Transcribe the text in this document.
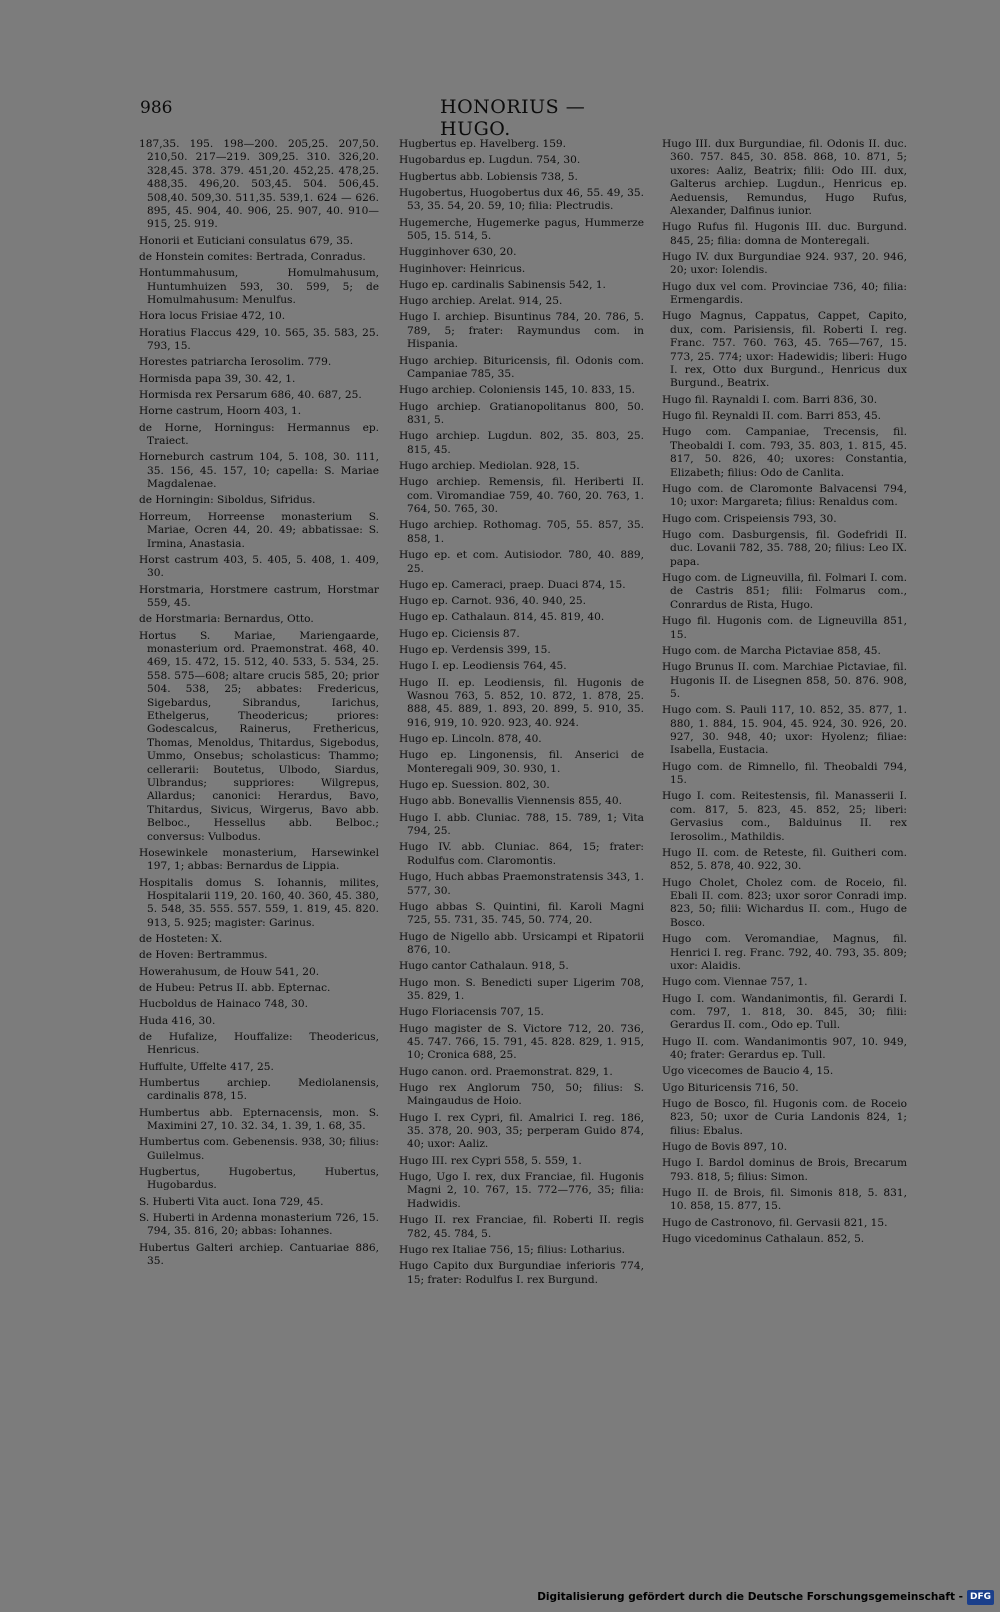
986	HONORIUS — HUGO.
187,35. 195. 198—200. 205,25. 207,50. 210,50. 217—219. 309,25. 310. 326,20. 328,45. 378. 379. 451,20. 452,25. 478,25. 488,35. 496,20. 503,45. 504. 506,45. 508,40. 509,30. 511,35. 539,1. 624 — 626. 895, 45. 904, 40. 906, 25. 907, 40. 910—915, 25. 919.
Honorii et Euticiani consulatus 679, 35.
de Honstein comites: Bertrada, Conradus.
Hontummahusum, Homulmahusum, Huntumhuizen 593, 30. 599, 5; de Homulmahusum: Menulfus.
Hora locus Frisiae 472, 10.
Horatius Flaccus 429, 10. 565, 35. 583, 25. 793, 15.
Horestes patriarcha Ierosolim. 779.
Hormisda papa 39, 30. 42, 1.
Hormisda rex Persarum 686, 40. 687, 25.
Horne castrum, Hoorn 403, 1.
de Horne, Horningus: Hermannus ep. Traiect.
Horneburch castrum 104, 5. 108, 30. 111, 35. 156, 45. 157, 10; capella: S. Mariae Magdalenae.
de Horningin: Siboldus, Sifridus.
Horreum, Horreense monasterium S. Mariae, Ocren 44, 20. 49; abbatissae: S. Irmina, Anastasia.
Horst castrum 403, 5. 405, 5. 408, 1. 409, 30.
Horstmaria, Horstmere castrum, Horstmar 559, 45.
de Horstmaria: Bernardus, Otto.
Hortus S. Mariae, Mariengaarde, monasterium ord. Praemonstrat. 468, 40. 469, 15. 472, 15. 512, 40. 533, 5. 534, 25. 558. 575—608; altare crucis 585, 20; prior 504. 538, 25; abbates: Fredericus, Sigebardus, Sibrandus, Iarichus, Ethelgerus, Theodericus; priores: Godescalcus, Rainerus, Frethericus, Thomas, Menoldus, Thitardus, Sigebodus, Ummo, Onsebus; scholasticus: Thammo; cellerarii: Boutetus, Ulbodo, Siardus, Ulbrandus; suppriores: Wilgrepus, Allardus; canonici: Herardus, Bavo, Thitardus, Sivicus, Wirgerus, Bavo abb. Belboc., Hessellus abb. Belboc.; conversus: Vulbodus.
Hosewinkele monasterium, Harsewinkel 197, 1; abbas: Bernardus de Lippia.
Hospitalis domus S. Iohannis, milites, Hospitalarii 119, 20. 160, 40. 360, 45. 380, 5. 548, 35. 555. 557. 559, 1. 819, 45. 820. 913, 5. 925; magister: Garinus.
de Hosteten: X.
de Hoven: Bertrammus.
Howerahusum, de Houw 541, 20.
de Hubeu: Petrus II. abb. Epternac.
Hucboldus de Hainaco 748, 30.
Huda 416, 30.
de Hufalize, Houffalize: Theodericus, Henricus.
Huffulte, Uffelte 417, 25.
Humbertus archiep. Mediolanensis, cardinalis 878, 15.
Humbertus abb. Epternacensis, mon. S. Maximini 27, 10. 32. 34, 1. 39, 1. 68, 35.
Humbertus com. Gebenensis. 938, 30; filius: Guilelmus.
Hugbertus, Hugobertus, Hubertus, Hugobardus.
S. Huberti Vita auct. Iona 729, 45.
S. Huberti in Ardenna monasterium 726, 15. 794, 35. 816, 20; abbas: Iohannes.
Hubertus Galteri archiep. Cantuariae 886, 35.
Hugbertus ep. Havelberg. 159.
Hugobardus ep. Lugdun. 754, 30.
Hugbertus abb. Lobiensis 738, 5.
Hugobertus, Huogobertus dux 46, 55. 49, 35. 53, 35. 54, 20. 59, 10; filia: Plectrudis.
Hugemerche, Hugemerke pagus, Hummerze 505, 15. 514, 5.
Hugginhover 630, 20.
Huginhover: Heinricus.
Hugo ep. cardinalis Sabinensis 542, 1.
Hugo archiep. Arelat. 914, 25.
Hugo I. archiep. Bisuntinus 784, 20. 786, 5. 789, 5; frater: Raymundus com. in Hispania.
Hugo archiep. Bituricensis, fil. Odonis com. Campaniae 785, 35.
Hugo archiep. Coloniensis 145, 10. 833, 15.
Hugo archiep. Gratianopolitanus 800, 50. 831, 5.
Hugo archiep. Lugdun. 802, 35. 803, 25. 815, 45.
Hugo archiep. Mediolan. 928, 15.
Hugo archiep. Remensis, fil. Heriberti II. com. Viromandiae 759, 40. 760, 20. 763, 1. 764, 50. 765, 30.
Hugo archiep. Rothomag. 705, 55. 857, 35. 858, 1.
Hugo ep. et com. Autisiodor. 780, 40. 889, 25.
Hugo ep. Cameraci, praep. Duaci 874, 15.
Hugo ep. Carnot. 936, 40. 940, 25.
Hugo ep. Cathalaun. 814, 45. 819, 40.
Hugo ep. Ciciensis 87.
Hugo ep. Verdensis 399, 15.
Hugo I. ep. Leodiensis 764, 45.
Hugo II. ep. Leodiensis, fil. Hugonis de Wasnou 763, 5. 852, 10. 872, 1. 878, 25. 888, 45. 889, 1. 893, 20. 899, 5. 910, 35. 916, 919, 10. 920. 923, 40. 924.
Hugo ep. Lincoln. 878, 40.
Hugo ep. Lingonensis, fil. Anserici de Monteregali 909, 30. 930, 1.
Hugo ep. Suession. 802, 30.
Hugo abb. Bonevallis Viennensis 855, 40.
Hugo I. abb. Cluniac. 788, 15. 789, 1; Vita 794, 25.
Hugo IV. abb. Cluniac. 864, 15; frater: Rodulfus com. Claromontis.
Hugo, Huch abbas Praemonstratensis 343, 1. 577, 30.
Hugo abbas S. Quintini, fil. Karoli Magni 725, 55. 731, 35. 745, 50. 774, 20.
Hugo de Nigello abb. Ursicampi et Ripatorii 876, 10.
Hugo cantor Cathalaun. 918, 5.
Hugo mon. S. Benedicti super Ligerim 708, 35. 829, 1.
Hugo Floriacensis 707, 15.
Hugo magister de S. Victore 712, 20. 736, 45. 747. 766, 15. 791, 45. 828. 829, 1. 915, 10; Cronica 688, 25.
Hugo canon. ord. Praemonstrat. 829, 1.
Hugo rex Anglorum 750, 50; filius: S. Maingaudus de Hoio.
Hugo I. rex Cypri, fil. Amalrici I. reg. 186, 35. 378, 20. 903, 35; perperam Guido 874, 40; uxor: Aaliz.
Hugo III. rex Cypri 558, 5. 559, 1.
Hugo, Ugo I. rex, dux Franciae, fil. Hugonis Magni 2, 10. 767, 15. 772—776, 35; filia: Hadwidis.
Hugo II. rex Franciae, fil. Roberti II. regis 782, 45. 784, 5.
Hugo rex Italiae 756, 15; filius: Lotharius.
Hugo Capito dux Burgundiae inferioris 774, 15; frater: Rodulfus I. rex Burgund.
Hugo III. dux Burgundiae, fil. Odonis II. duc. 360. 757. 845, 30. 858. 868, 10. 871, 5; uxores: Aaliz, Beatrix; filii: Odo III. dux, Galterus archiep. Lugdun., Henricus ep. Aeduensis, Remundus, Hugo Rufus, Alexander, Dalfinus iunior.
Hugo Rufus fil. Hugonis III. duc. Burgund. 845, 25; filia: domna de Monteregali.
Hugo IV. dux Burgundiae 924. 937, 20. 946, 20; uxor: Iolendis.
Hugo dux vel com. Provinciae 736, 40; filia: Ermengardis.
Hugo Magnus, Cappatus, Cappet, Capito, dux, com. Parisiensis, fil. Roberti I. reg. Franc. 757. 760. 763, 45. 765—767, 15. 773, 25. 774; uxor: Hadewidis; liberi: Hugo I. rex, Otto dux Burgund., Henricus dux Burgund., Beatrix.
Hugo fil. Raynaldi I. com. Barri 836, 30.
Hugo fil. Reynaldi II. com. Barri 853, 45.
Hugo com. Campaniae, Trecensis, fil. Theobaldi I. com. 793, 35. 803, 1. 815, 45. 817, 50. 826, 40; uxores: Constantia, Elizabeth; filius: Odo de Canlita.
Hugo com. de Claromonte Balvacensi 794, 10; uxor: Margareta; filius: Renaldus com.
Hugo com. Crispeiensis 793, 30.
Hugo com. Dasburgensis, fil. Godefridi II. duc. Lovanii 782, 35. 788, 20; filius: Leo IX. papa.
Hugo com. de Ligneuvilla, fil. Folmari I. com. de Castris 851; filii: Folmarus com., Conrardus de Rista, Hugo.
Hugo fil. Hugonis com. de Ligneuvilla 851, 15.
Hugo com. de Marcha Pictaviae 858, 45.
Hugo Brunus II. com. Marchiae Pictaviae, fil. Hugonis II. de Lisegnen 858, 50. 876. 908, 5.
Hugo com. S. Pauli 117, 10. 852, 35. 877, 1. 880, 1. 884, 15. 904, 45. 924, 30. 926, 20. 927, 30. 948, 40; uxor: Hyolenz; filiae: Isabella, Eustacia.
Hugo com. de Rimnello, fil. Theobaldi 794, 15.
Hugo I. com. Reitestensis, fil. Manasserii I. com. 817, 5. 823, 45. 852, 25; liberi: Gervasius com., Balduinus II. rex Ierosolim., Mathildis.
Hugo II. com. de Reteste, fil. Guitheri com. 852, 5. 878, 40. 922, 30.
Hugo Cholet, Cholez com. de Roceio, fil. Ebali II. com. 823; uxor soror Conradi imp. 823, 50; filii: Wichardus II. com., Hugo de Bosco.
Hugo com. Veromandiae, Magnus, fil. Henrici I. reg. Franc. 792, 40. 793, 35. 809; uxor: Alaidis.
Hugo com. Viennae 757, 1.
Hugo I. com. Wandanimontis, fil. Gerardi I. com. 797, 1. 818, 30. 845, 30; filii: Gerardus II. com., Odo ep. Tull.
Hugo II. com. Wandanimontis 907, 10. 949, 40; frater: Gerardus ep. Tull.
Ugo vicecomes de Baucio 4, 15.
Ugo Bituricensis 716, 50.
Hugo de Bosco, fil. Hugonis com. de Roceio 823, 50; uxor de Curia Landonis 824, 1; filius: Ebalus.
Hugo de Bovis 897, 10.
Hugo I. Bardol dominus de Brois, Brecarum 793. 818, 5; filius: Simon.
Hugo II. de Brois, fil. Simonis 818, 5. 831, 10. 858, 15. 877, 15.
Hugo de Castronovo, fil. Gervasii 821, 15.
Hugo vicedominus Cathalaun. 852, 5.
Digitalisierung gefördert durch die Deutsche Forschungsgemeinschaft - DFG
